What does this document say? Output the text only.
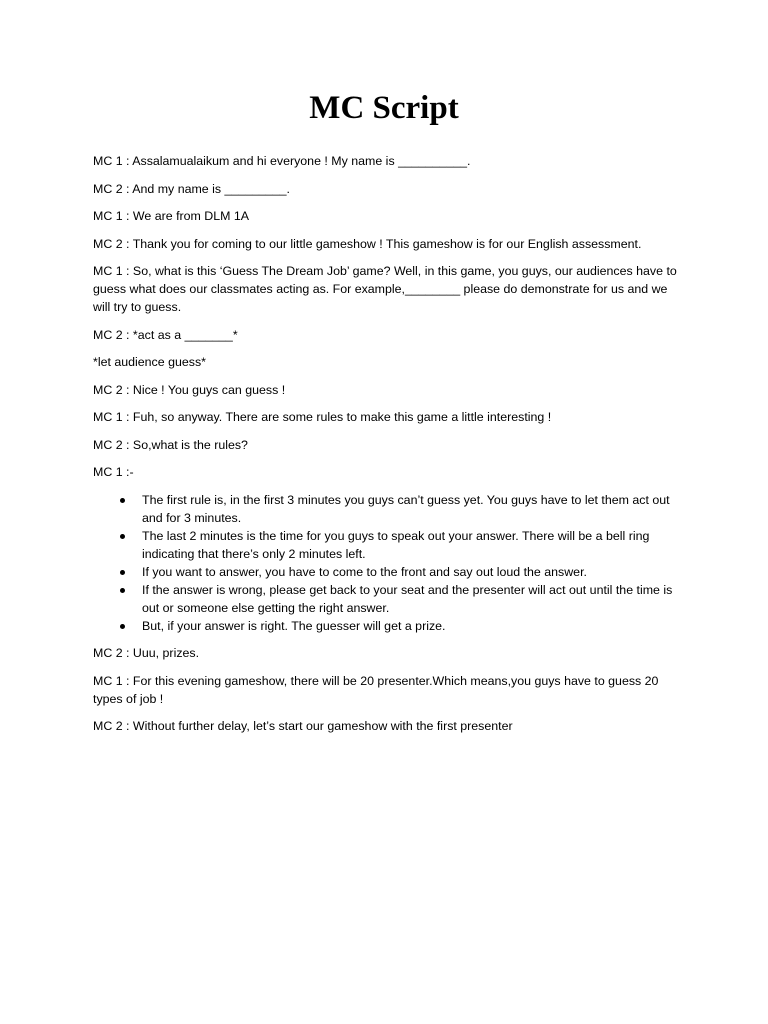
MC Script

MC 1 : Assalamualaikum and hi everyone ! My name is __________.

MC 2 : And my name is _________.

MC 1 : We are from DLM 1A

MC 2 : Thank you for coming to our little gameshow ! This gameshow is for our English assessment.

MC 1 : So, what is this ‘Guess The Dream Job’ game? Well, in this game, you guys, our audiences have to guess what does our classmates acting as. For example,________ please do demonstrate for us and we will try to guess.

MC 2 : *act as a _______*

*let audience guess*

MC 2 : Nice ! You guys can guess !

MC 1 : Fuh, so anyway. There are some rules to make this game a little interesting !

MC 2 : So,what is the rules?

MC 1 :-

The first rule is, in the first 3 minutes you guys can’t guess yet. You guys have to let them act out and for 3 minutes.
The last 2 minutes is the time for you guys to speak out your answer. There will be a bell ring indicating that there’s only 2 minutes left.
If you want to answer, you have to come to the front and say out loud the answer.
If the answer is wrong, please get back to your seat and the presenter will act out until the time is out or someone else getting the right answer.
But, if your answer is right. The guesser will get a prize.

MC 2 : Uuu, prizes.

MC 1 : For this evening gameshow, there will be 20 presenter.Which means,you guys have to guess 20 types of job !

MC 2 : Without further delay, let’s start our gameshow with the first presenter
